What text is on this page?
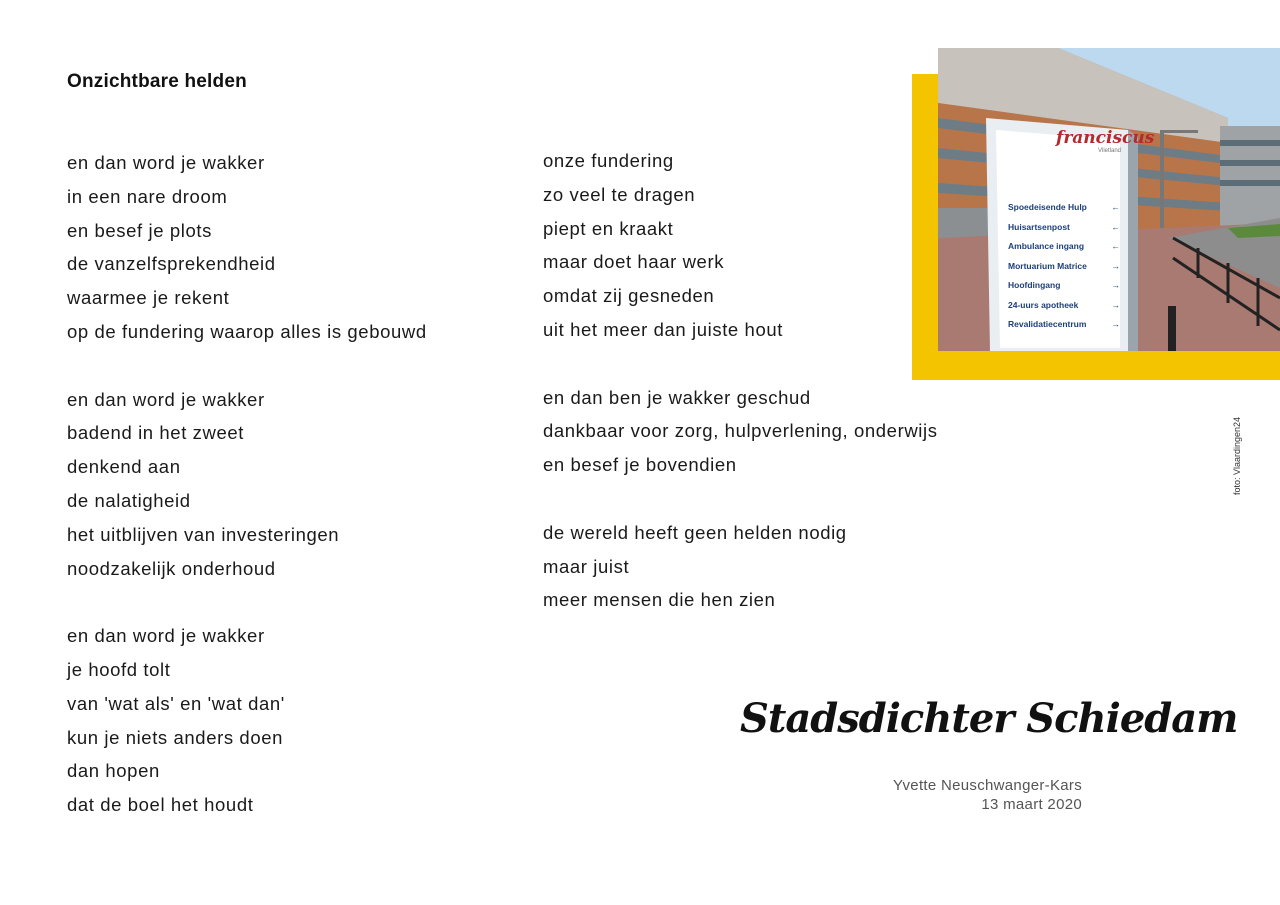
Onzichtbare helden
en dan word je wakker
in een nare droom
en besef je plots
de vanzelfsprekendheid
waarmee je rekent
op de fundering waarop alles is gebouwd
en dan word je wakker
badend in het zweet
denkend aan
de nalatigheid
het uitblijven van investeringen
noodzakelijk onderhoud
en dan word je wakker
je hoofd tolt
van 'wat als' en 'wat dan'
kun je niets anders doen
dan hopen
dat de boel het houdt
onze fundering
zo veel te dragen
piept en kraakt
maar doet haar werk
omdat zij gesneden
uit het meer dan juiste hout
en dan ben je wakker geschud
dankbaar voor zorg, hulpverlening, onderwijs
en besef je bovendien
de wereld heeft geen helden nodig
maar juist
meer mensen die hen zien
franciscus
Vlietland
Spoedeisende Hulp	←
Huisartsenpost	←
Ambulance ingang	←
Mortuarium Matrice	→
Hoofdingang	→
24-uurs apotheek	→
Revalidatiecentrum	→
foto: Vlaardingen24
Stadsdichter Schiedam
Yvette Neuschwanger-Kars
13 maart 2020
